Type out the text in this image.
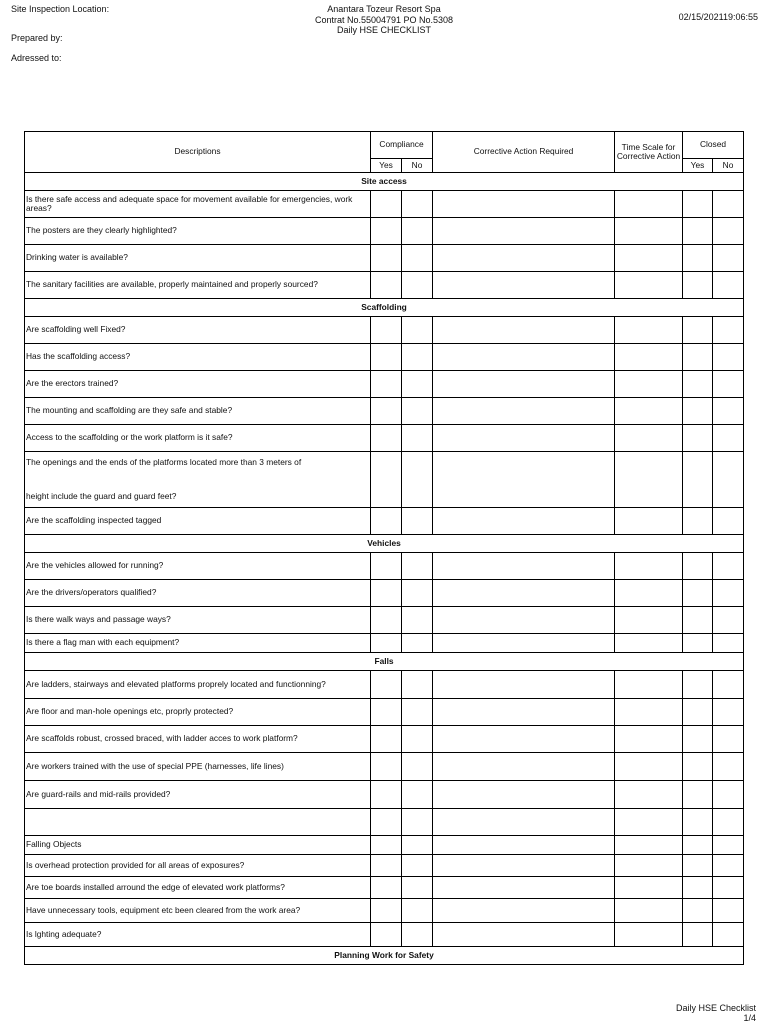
Site Inspection Location:
Prepared by:
Adressed to:
Anantara Tozeur Resort Spa
Contrat No.55004791 PO No.5308
Daily HSE CHECKLIST
02/15/202119:06:55
Descriptions	Compliance		Corrective Action Required	Time Scale for Corrective Action	Closed	
	Yes	No			Yes	No
Site access						
Is there safe access and adequate space for movement available for emergencies, work areas?						
The posters are they clearly highlighted?						
Drinking water is available?						
The sanitary facilities are available, properly maintained and properly sourced?						
Scaffolding						
Are scaffolding well Fixed?						
Has the scaffolding access?						
Are the erectors trained?						
The mounting and scaffolding are they safe and stable?						
Access to the scaffolding or the work platform is it safe?						

The openings and the ends of the platforms located more than 3 meters of
height include the guard and guard feet?						

Are the scaffolding inspected tagged						
Vehicles						
Are the vehicles allowed for running?						
Are the drivers/operators qualified?						
Is there walk ways and passage ways?						
Is there a flag man with each equipment?						
Falls						
Are ladders, stairways and elevated platforms proprely located and functionning?						
Are floor and man-hole openings etc, proprly protected?						
Are scaffolds robust, crossed braced, with ladder acces to work platform?						
Are workers trained with the use of special PPE (harnesses, life lines)						
Are guard-rails and mid-rails provided?						

Falling Objects						
Is overhead protection provided for all areas of exposures?						
Are toe boards installed arround the edge of elevated work platforms?						
Have unnecessary tools, equipment etc been cleared from the work area?						
Is lghting adequate?						
Planning Work for Safety						
Daily HSE Checklist
1/4
